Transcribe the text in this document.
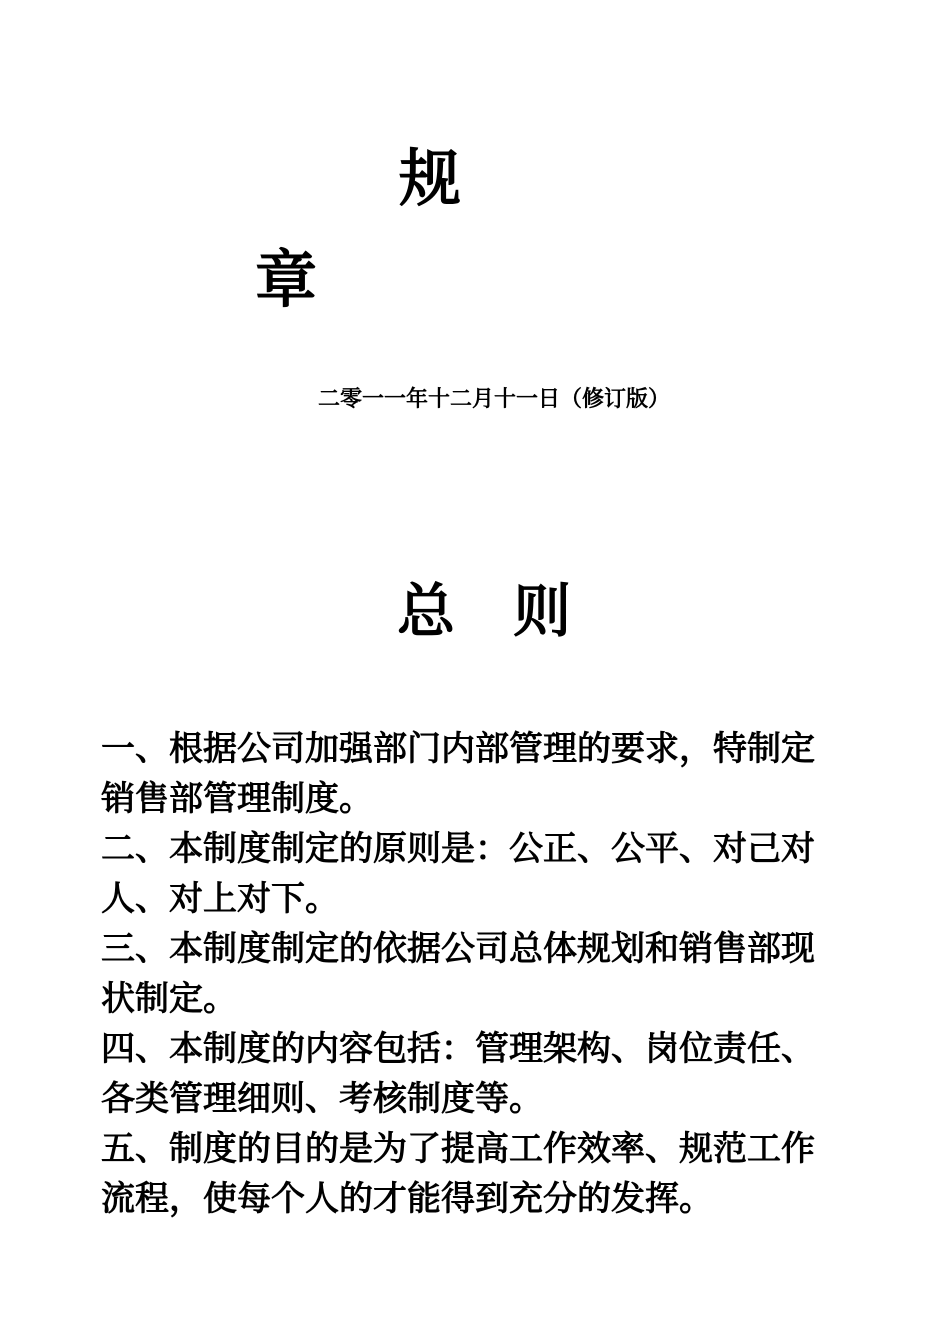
规
章
二零一一年十二月十一日（修订版）
总 则

一、根据公司加强部门内部管理的要求，特制定销售部管理制度。

二、本制度制定的原则是：公正、公平、对己对人、对上对下。

三、本制度制定的依据公司总体规划和销售部现状制定。

四、本制度的内容包括：管理架构、岗位责任、各类管理细则、考核制度等。

五、制度的目的是为了提高工作效率、规范工作流程，使每个人的才能得到充分的发挥。
